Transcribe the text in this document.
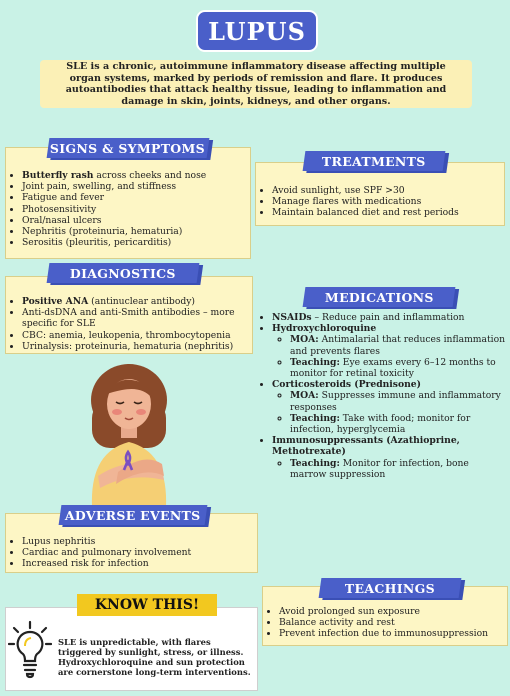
LUPUS
SLE is a chronic, autoimmune inflammatory disease affecting multiple organ systems, marked by periods of remission and flare. It produces autoantibodies that attack healthy tissue, leading to inflammation and damage in skin, joints, kidneys, and other organs.
• Butterfly rash across cheeks and nose
• Joint pain, swelling, and stiffness
• Fatigue and fever
• Photosensitivity
• Oral/nasal ulcers
• Nephritis (proteinuria, hematuria)
• Serositis (pleuritis, pericarditis)
SIGNS & SYMPTOMS
• Avoid sunlight, use SPF >30
• Manage flares with medications
• Maintain balanced diet and rest periods
TREATMENTS
• Positive ANA (antinuclear antibody)
• Anti-dsDNA and anti-Smith antibodies – more specific for SLE
• CBC: anemia, leukopenia, thrombocytopenia
• Urinalysis: proteinuria, hematuria (nephritis)
DIAGNOSTICS
• NSAIDs – Reduce pain and inflammation
• Hydroxychloroquine
◦ MOA: Antimalarial that reduces inflammation and prevents flares
◦ Teaching: Eye exams every 6–12 months to monitor for retinal toxicity
• Corticosteroids (Prednisone)
◦ MOA: Suppresses immune and inflammatory responses
◦ Teaching: Take with food; monitor for infection, hyperglycemia
• Immunosuppressants (Azathioprine, Methotrexate)
◦ Teaching: Monitor for infection, bone marrow suppression
MEDICATIONS
• Lupus nephritis
• Cardiac and pulmonary involvement
• Increased risk for infection
ADVERSE EVENTS
• Avoid prolonged sun exposure
• Balance activity and rest
• Prevent infection due to immunosuppression
TEACHINGS
KNOW THIS!
SLE is unpredictable, with flares triggered by sunlight, stress, or illness. Hydroxychloroquine and sun protection are cornerstone long-term interventions.
